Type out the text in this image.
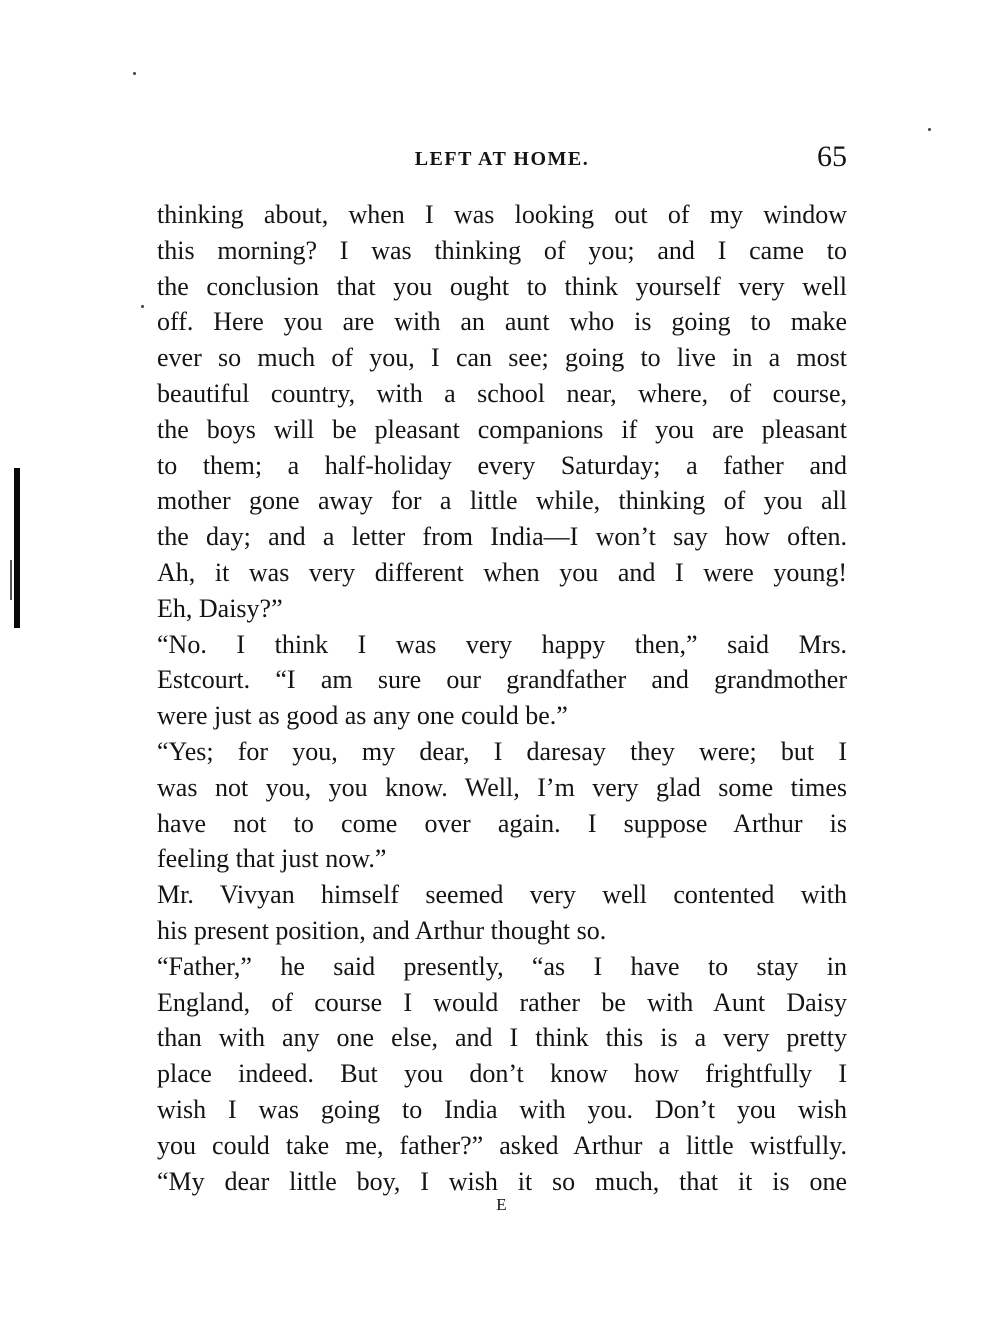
LEFT AT HOME.	65
thinking about, when I was looking out of my window
this morning? I was thinking of you; and I came to
the conclusion that you ought to think yourself very well
off. Here you are with an aunt who is going to make
ever so much of you, I can see; going to live in a most
beautiful country, with a school near, where, of course,
the boys will be pleasant companions if you are pleasant
to them; a half-holiday every Saturday; a father and
mother gone away for a little while, thinking of you all
the day; and a letter from India—I won’t say how often.
Ah, it was very different when you and I were young!
Eh, Daisy?”
“No. I think I was very happy then,” said Mrs.
Estcourt. “I am sure our grandfather and grandmother
were just as good as any one could be.”
“Yes; for you, my dear, I daresay they were; but I
was not you, you know. Well, I’m very glad some times
have not to come over again. I suppose Arthur is
feeling that just now.”
Mr. Vivyan himself seemed very well contented with
his present position, and Arthur thought so.
“Father,” he said presently, “as I have to stay in
England, of course I would rather be with Aunt Daisy
than with any one else, and I think this is a very pretty
place indeed. But you don’t know how frightfully I
wish I was going to India with you. Don’t you wish
you could take me, father?” asked Arthur a little wistfully.
“My dear little boy, I wish it so much, that it is one
E
